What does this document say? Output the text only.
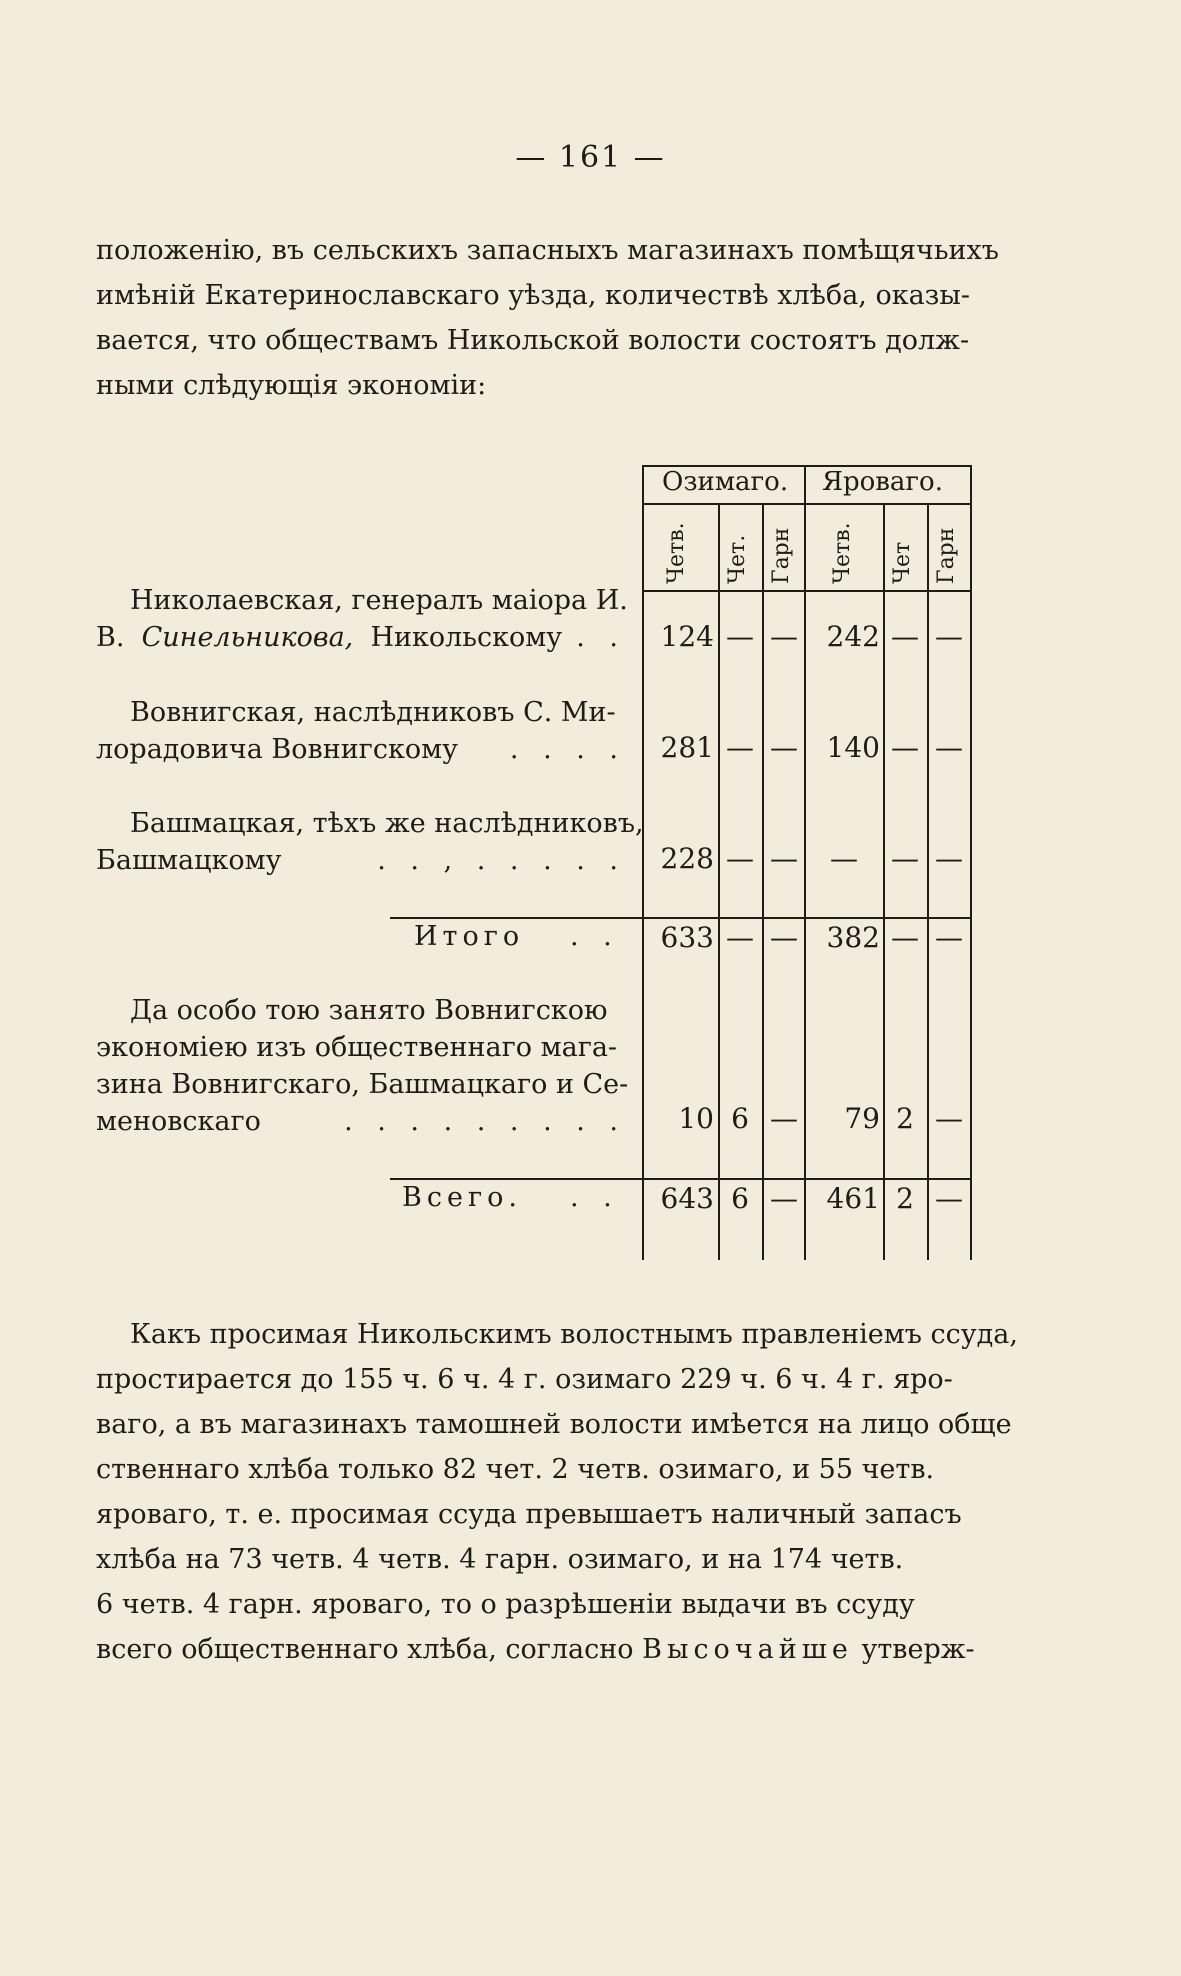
— 161 —
положенію, въ сельскихъ запасныхъ магазинахъ помѣщячьихъ
имѣній Екатеринославскаго уѣзда, количествѣ хлѣба, оказы-
вается, что обществамъ Никольской волости состоятъ долж-
ными слѣдующія экономіи:
Озимаго. Яроваго.
Четв. Чет. Гарн Четв. Чет Гарн
Николаевская, генералъ маіора И.
В. Синельникова, Никольскому . .	124 — —	242 — —
Вовнигская, наслѣдниковъ С. Ми-
лорадовича Вовнигскому . . . .	281 — —	140 — —
Башмацкая, тѣхъ же наслѣдниковъ,
Башмацкому	. . , . . . . .	228 — —	—	— —
Итого . .	633 — —	382 — —
Да особо тою занято Вовнигскою
экономіею изъ общественнаго мага-
зина Вовнигскаго, Башмацкаго и Се-
меновскаго	. . . . . . . . .	10 6 —	79 2 —
Всего. . .	643 6 —	461 2 —
Какъ просимая Никольскимъ волостнымъ правленіемъ ссуда,
простирается до 155 ч. 6 ч. 4 г. озимаго 229 ч. 6 ч. 4 г. яро-
ваго, а въ магазинахъ тамошней волости имѣется на лицо обще
ственнаго хлѣба только 82 чет. 2 четв. озимаго, и 55 четв.
яроваго, т. е. просимая ссуда превышаетъ наличный запасъ
хлѣба на 73 четв. 4 четв. 4 гарн. озимаго, и на 174 четв.
6 четв. 4 гарн. яроваго, то о разрѣшеніи выдачи въ ссуду
всего общественнаго хлѣба, согласно Высочайше утверж-
